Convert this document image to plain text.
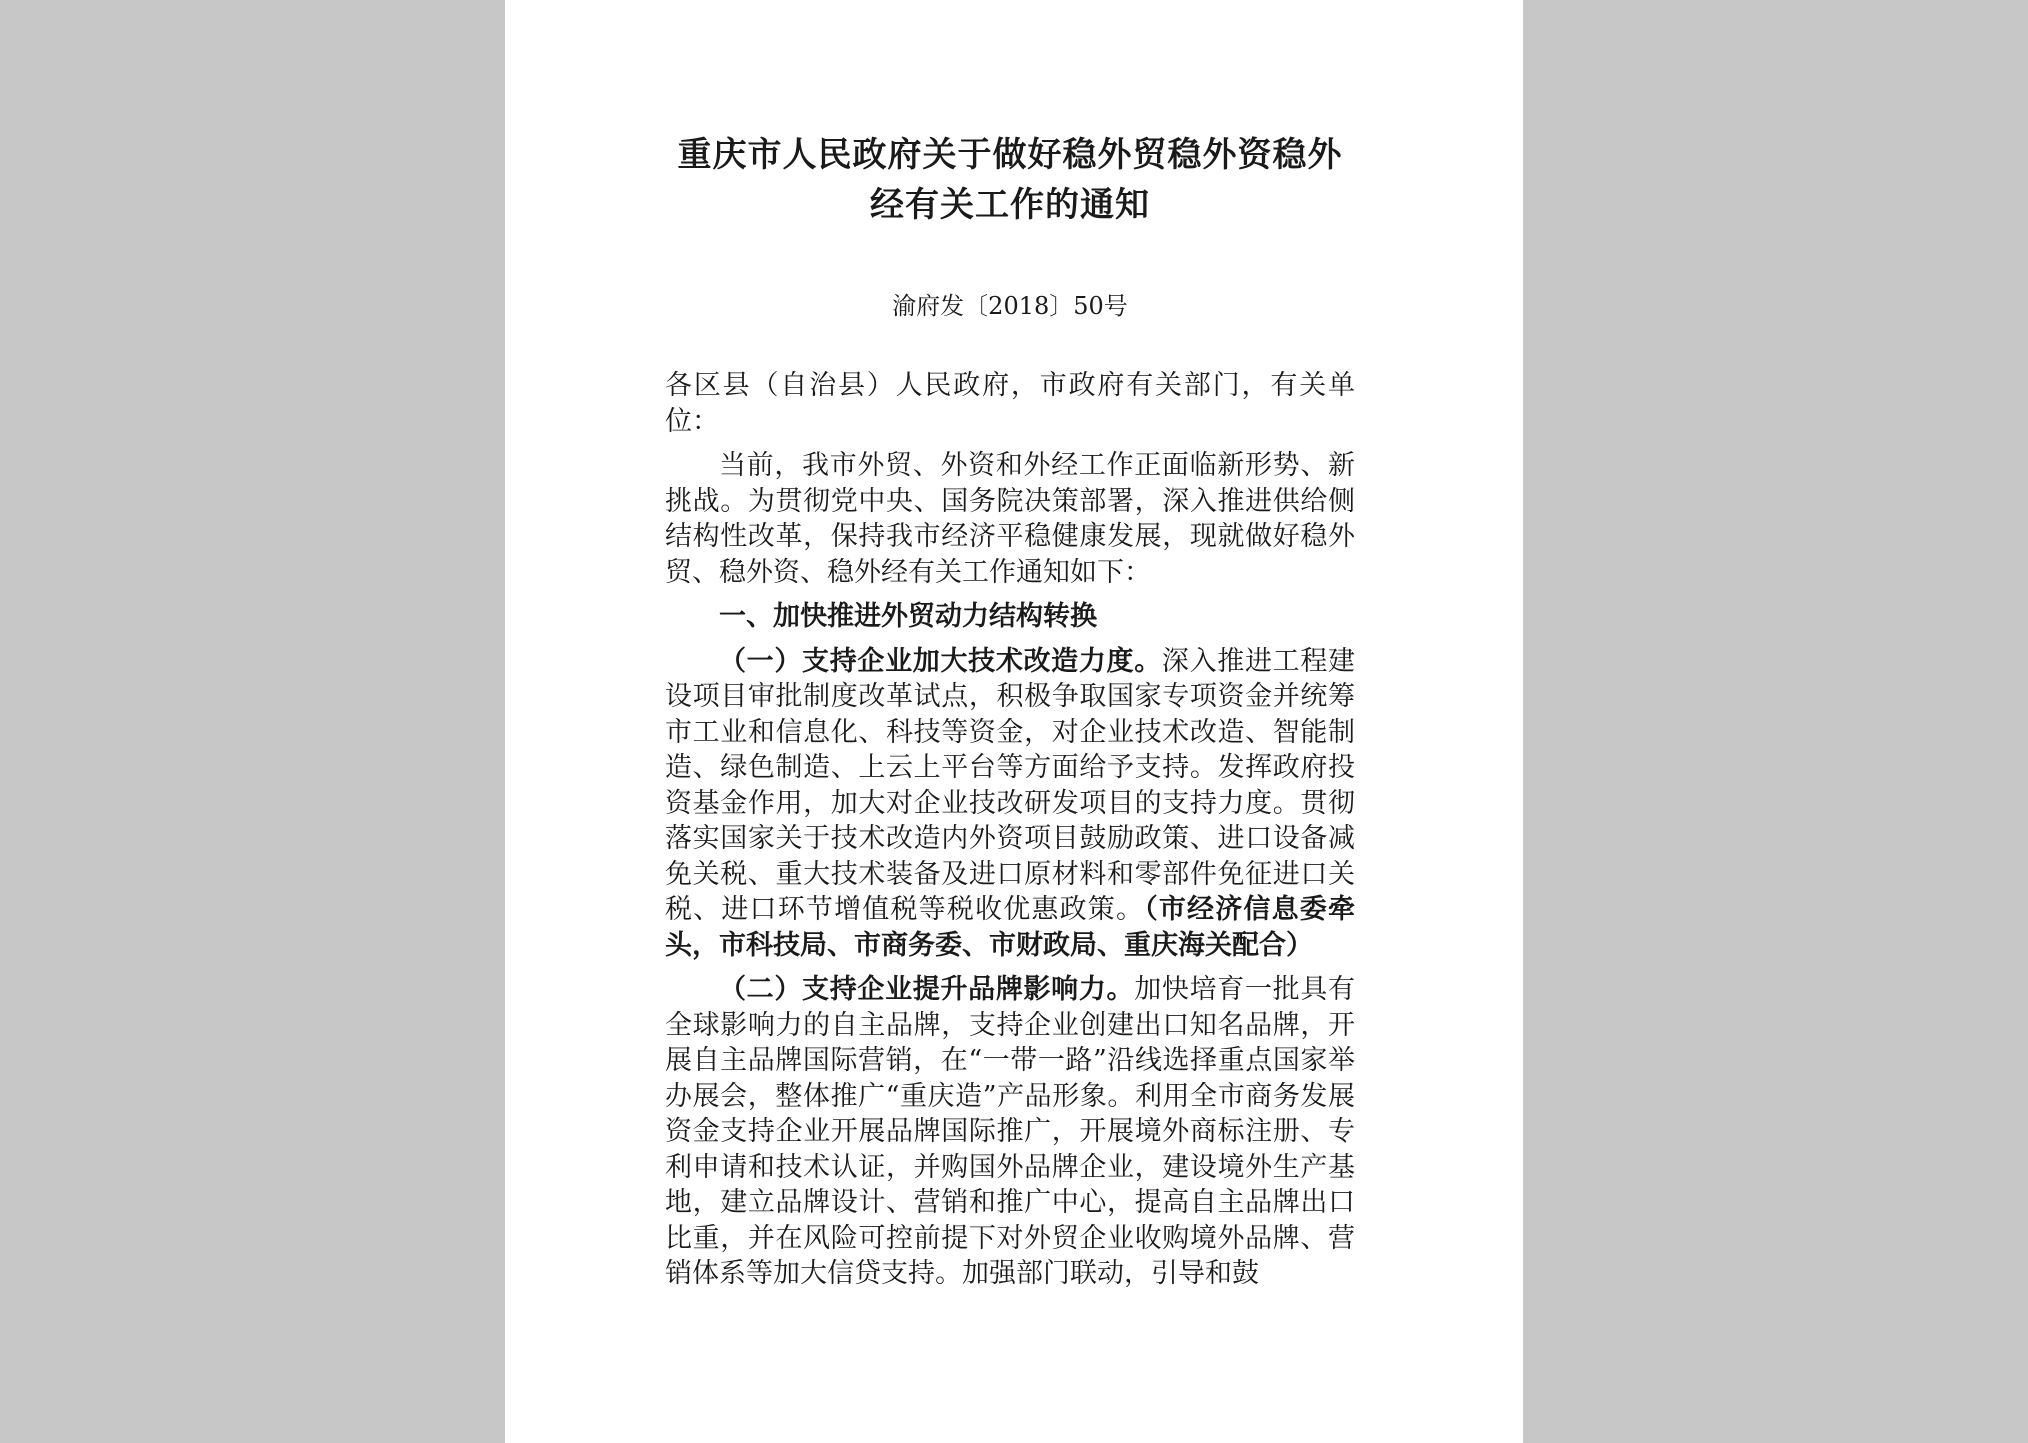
重庆市人民政府关于做好稳外贸稳外资稳外
经有关工作的通知

渝府发〔2018〕50号

各区县（自治县）人民政府，市政府有关部门，有关单位：

当前，我市外贸、外资和外经工作正面临新形势、新挑战。为贯彻党中央、国务院决策部署，深入推进供给侧结构性改革，保持我市经济平稳健康发展，现就做好稳外贸、稳外资、稳外经有关工作通知如下：

一、加快推进外贸动力结构转换

（一）支持企业加大技术改造力度。深入推进工程建设项目审批制度改革试点，积极争取国家专项资金并统筹市工业和信息化、科技等资金，对企业技术改造、智能制造、绿色制造、上云上平台等方面给予支持。发挥政府投资基金作用，加大对企业技改研发项目的支持力度。贯彻落实国家关于技术改造内外资项目鼓励政策、进口设备减免关税、重大技术装备及进口原材料和零部件免征进口关税、进口环节增值税等税收优惠政策。（市经济信息委牵头，市科技局、市商务委、市财政局、重庆海关配合）

（二）支持企业提升品牌影响力。加快培育一批具有全球影响力的自主品牌，支持企业创建出口知名品牌，开展自主品牌国际营销，在“一带一路”沿线选择重点国家举办展会，整体推广“重庆造”产品形象。利用全市商务发展资金支持企业开展品牌国际推广，开展境外商标注册、专利申请和技术认证，并购国外品牌企业，建设境外生产基地，建立品牌设计、营销和推广中心，提高自主品牌出口比重，并在风险可控前提下对外贸企业收购境外品牌、营销体系等加大信贷支持。加强部门联动，引导和鼓
